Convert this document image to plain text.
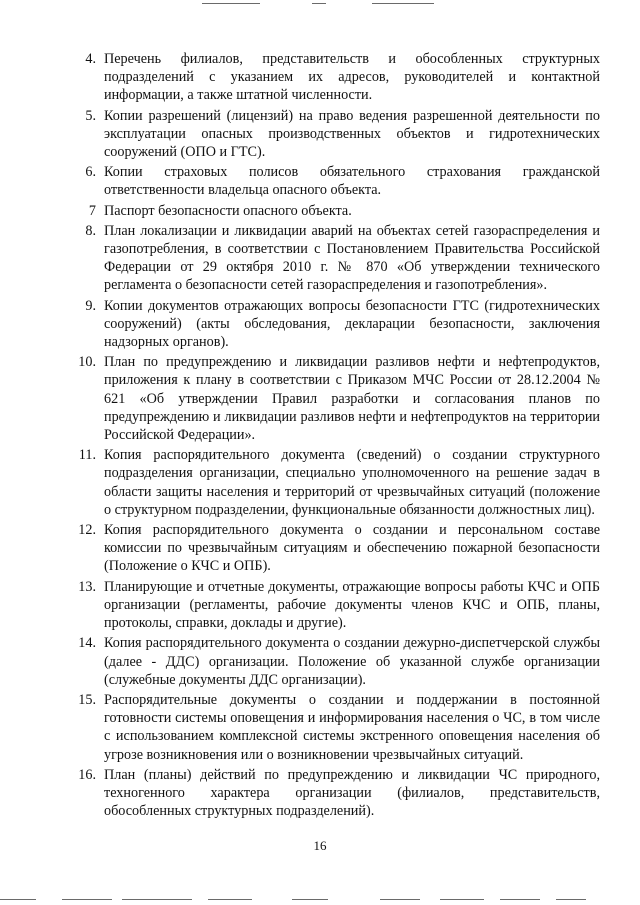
4. Перечень филиалов, представительств и обособленных структурных подразделений с указанием их адресов, руководителей и контактной информации, а также штатной численности.
5. Копии разрешений (лицензий) на право ведения разрешенной деятельности по эксплуатации опасных производственных объектов и гидротехнических сооружений (ОПО и ГТС).
6. Копии страховых полисов обязательного страхования гражданской ответственности владельца опасного объекта.
7 Паспорт безопасности опасного объекта.
8. План локализации и ликвидации аварий на объектах сетей газораспределения и газопотребления, в соответствии с Постановлением Правительства Российской Федерации от 29 октября 2010 г. № 870 «Об утверждении технического регламента о безопасности сетей газораспределения и газопотребления».
9. Копии документов отражающих вопросы безопасности ГТС (гидротехнических сооружений) (акты обследования, декларации безопасности, заключения надзорных органов).
10. План по предупреждению и ликвидации разливов нефти и нефтепродуктов, приложения к плану в соответствии с Приказом МЧС России от 28.12.2004 № 621 «Об утверждении Правил разработки и согласования планов по предупреждению и ликвидации разливов нефти и нефтепродуктов на территории Российской Федерации».
11. Копия распорядительного документа (сведений) о создании структурного подразделения организации, специально уполномоченного на решение задач в области защиты населения и территорий от чрезвычайных ситуаций (положение о структурном подразделении, функциональные обязанности должностных лиц).
12. Копия распорядительного документа о создании и персональном составе комиссии по чрезвычайным ситуациям и обеспечению пожарной безопасности (Положение о КЧС и ОПБ).
13. Планирующие и отчетные документы, отражающие вопросы работы КЧС и ОПБ организации (регламенты, рабочие документы членов КЧС и ОПБ, планы, протоколы, справки, доклады и другие).
14. Копия распорядительного документа о создании дежурно-диспетчерской службы (далее - ДДС) организации. Положение об указанной службе организации (служебные документы ДДС организации).
15. Распорядительные документы о создании и поддержании в постоянной готовности системы оповещения и информирования населения о ЧС, в том числе с использованием комплексной системы экстренного оповещения населения об угрозе возникновения или о возникновении чрезвычайных ситуаций.
16. План (планы) действий по предупреждению и ликвидации ЧС природного, техногенного характера организации (филиалов, представительств, обособленных структурных подразделений).
16
